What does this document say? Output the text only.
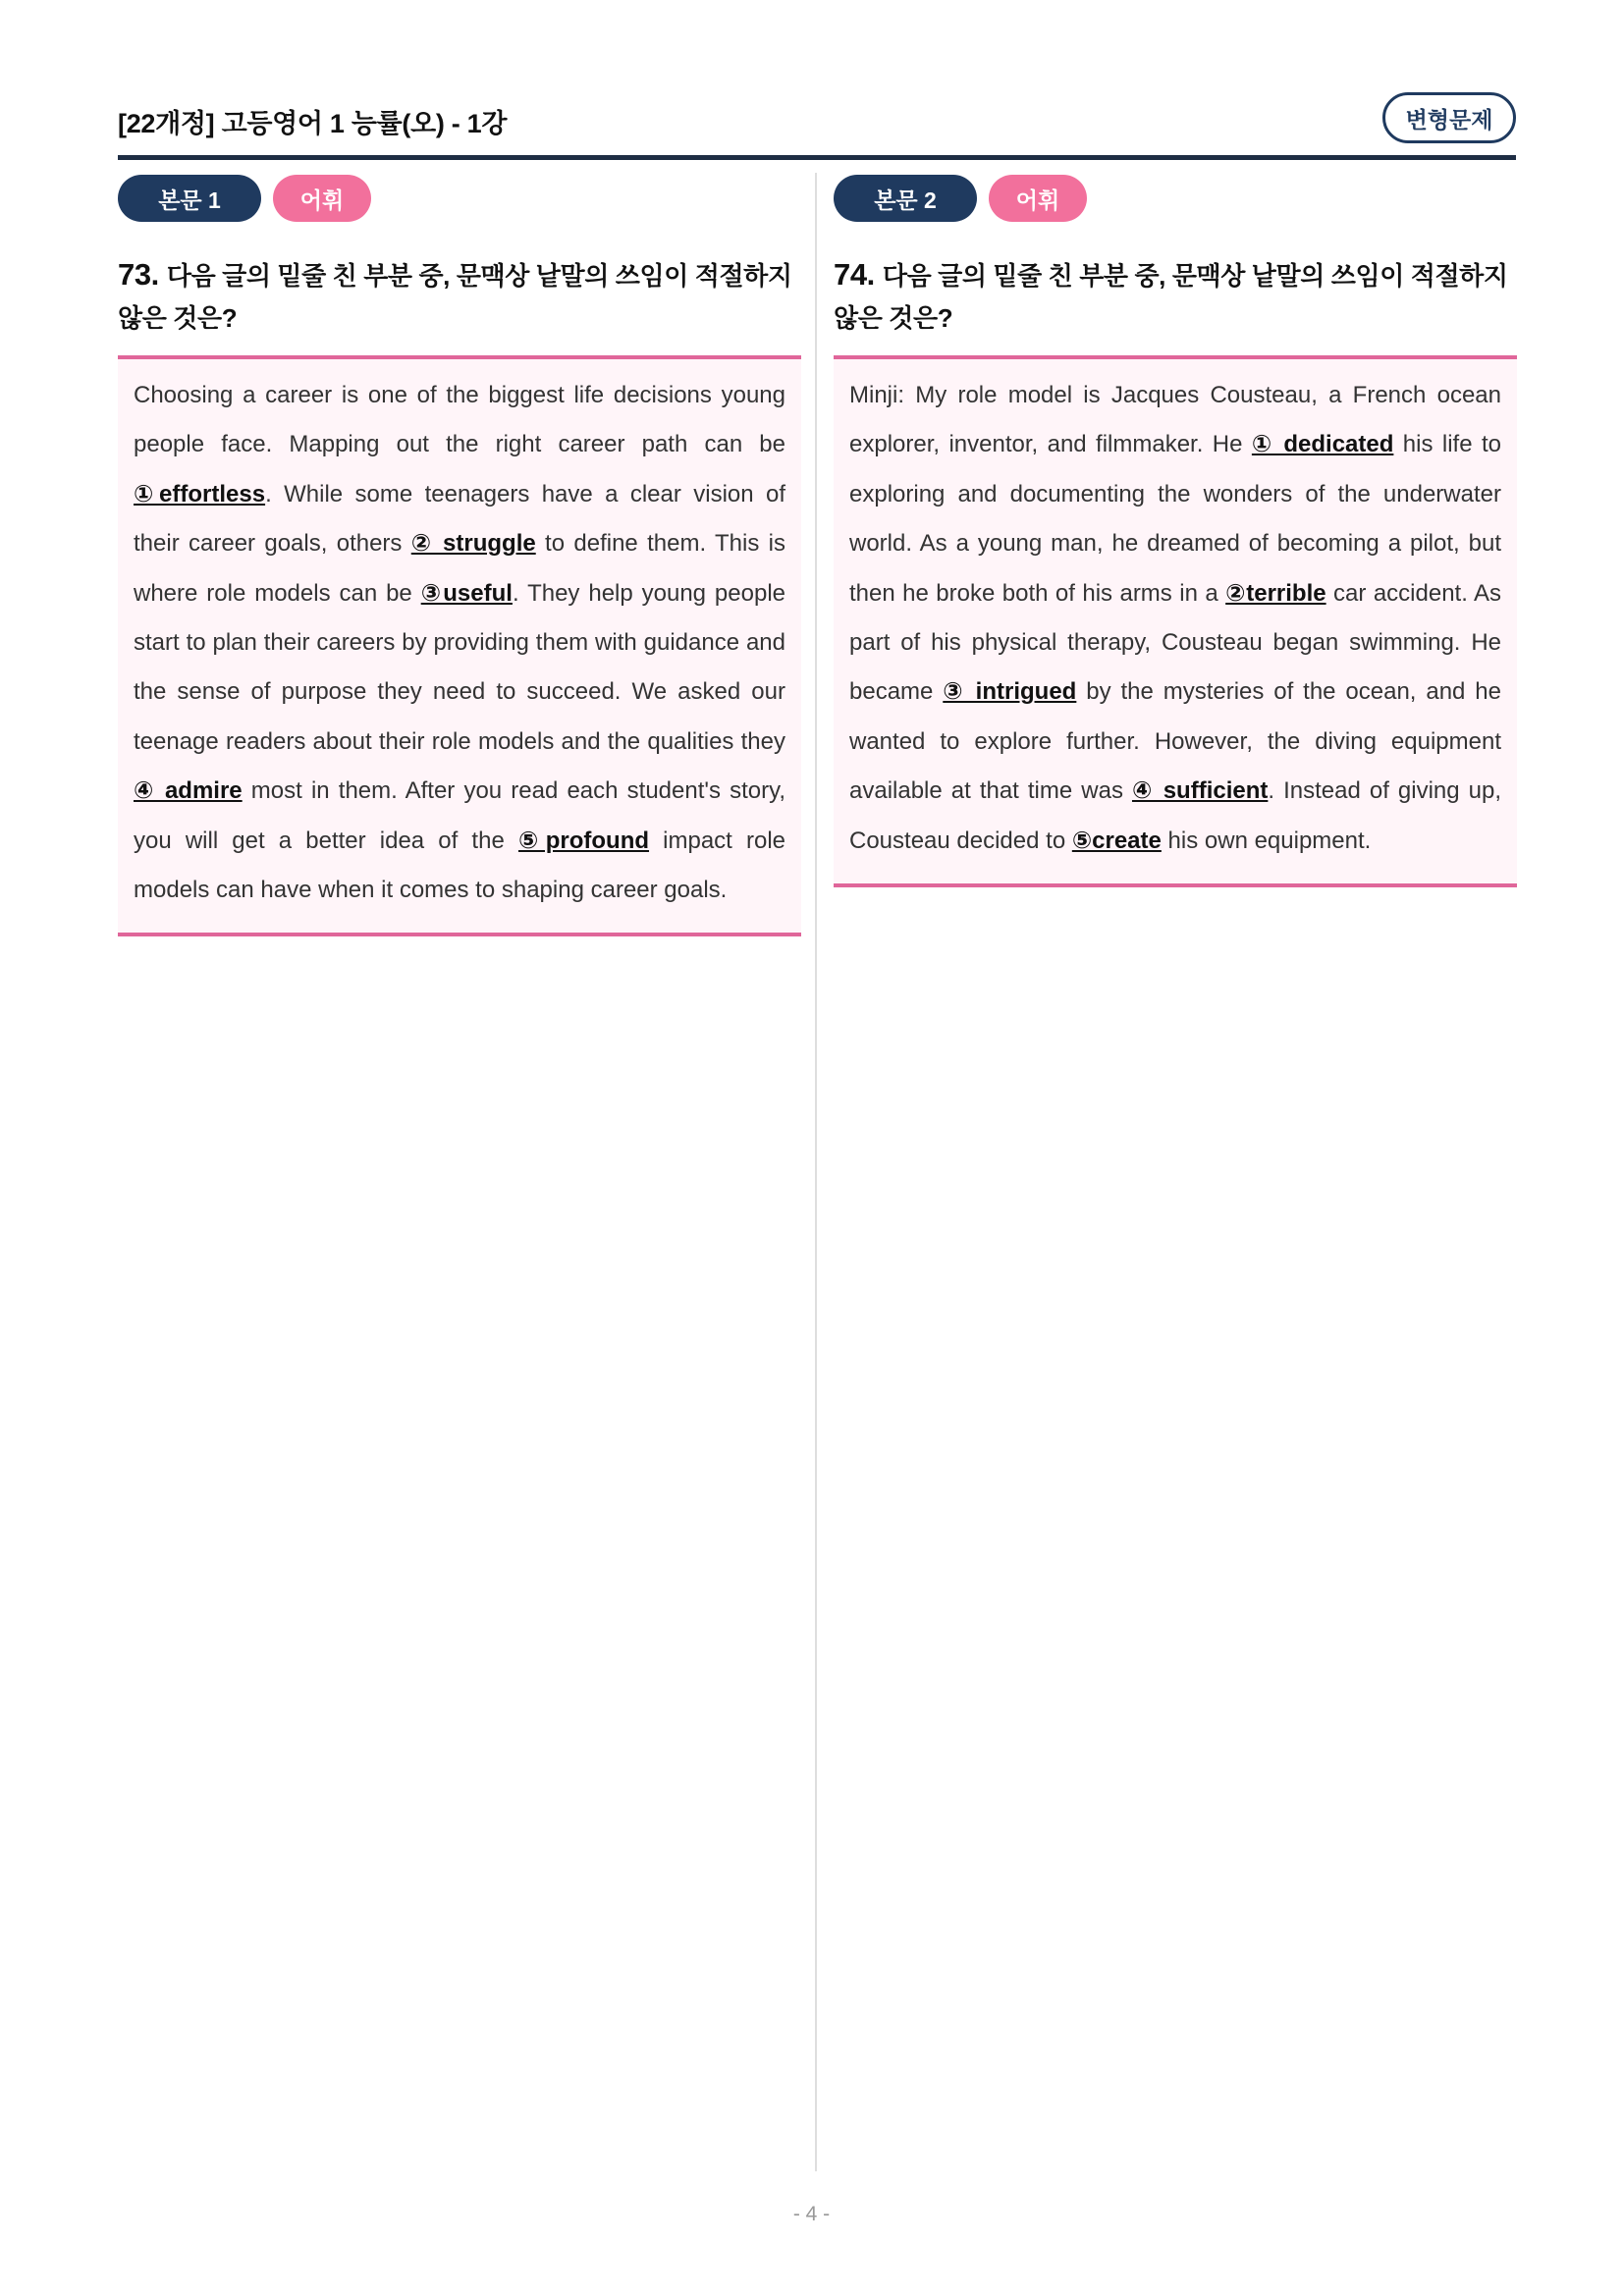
[22개정] 고등영어 1 능률(오) - 1강	변형문제
본문 1	어휘
73. 다음 글의 밑줄 친 부분 중, 문맥상 낱말의 쓰임이 적절하지 않은 것은?
Choosing a career is one of the biggest life decisions young people face. Mapping out the right career path can be ①effortless. While some teenagers have a clear vision of their career goals, others ② struggle to define them. This is where role models can be ③useful. They help young people start to plan their careers by providing them with guidance and the sense of purpose they need to succeed. We asked our teenage readers about their role models and the qualities they ④ admire most in them. After you read each student's story, you will get a better idea of the ⑤profound impact role models can have when it comes to shaping career goals.
본문 2	어휘
74. 다음 글의 밑줄 친 부분 중, 문맥상 낱말의 쓰임이 적절하지 않은 것은?
Minji: My role model is Jacques Cousteau, a French ocean explorer, inventor, and filmmaker. He ① dedicated his life to exploring and documenting the wonders of the underwater world. As a young man, he dreamed of becoming a pilot, but then he broke both of his arms in a ②terrible car accident. As part of his physical therapy, Cousteau began swimming. He became ③ intrigued by the mysteries of the ocean, and he wanted to explore further. However, the diving equipment available at that time was ④ sufficient. Instead of giving up, Cousteau decided to ⑤create his own equipment.
- 4 -
